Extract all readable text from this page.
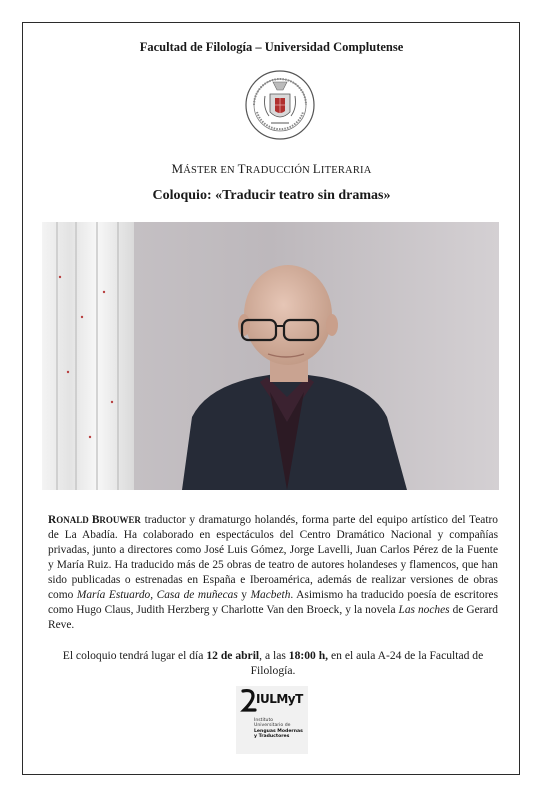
Facultad de Filología – Universidad Complutense
MÁSTER EN TRADUCCIÓN LITERARIA
Coloquio: «Traducir teatro sin dramas»

RONALD BROUWER traductor y dramaturgo holandés, forma parte del equipo artístico del Teatro de La Abadía. Ha colaborado en espectáculos del Centro Dramático Nacional y compañías privadas, junto a directores como José Luis Gómez, Jorge Lavelli, Juan Carlos Pérez de la Fuente y María Ruiz. Ha traducido más de 25 obras de teatro de autores holandeses y flamencos, que han sido publicadas o estrenadas en España e Iberoamérica, además de realizar versiones de obras como María Estuardo, Casa de muñecas y Macbeth. Asimismo ha traducido poesía de escritores como Hugo Claus, Judith Herzberg y Charlotte Van den Broeck, y la novela Las noches de Gerard Reve.

El coloquio tendrá lugar el día 12 de abril, a las 18:00 h, en el aula A-24 de la Facultad de Filología.

IULMyT
Instituto
Universitario de
Lenguas Modernas
y Traductores
